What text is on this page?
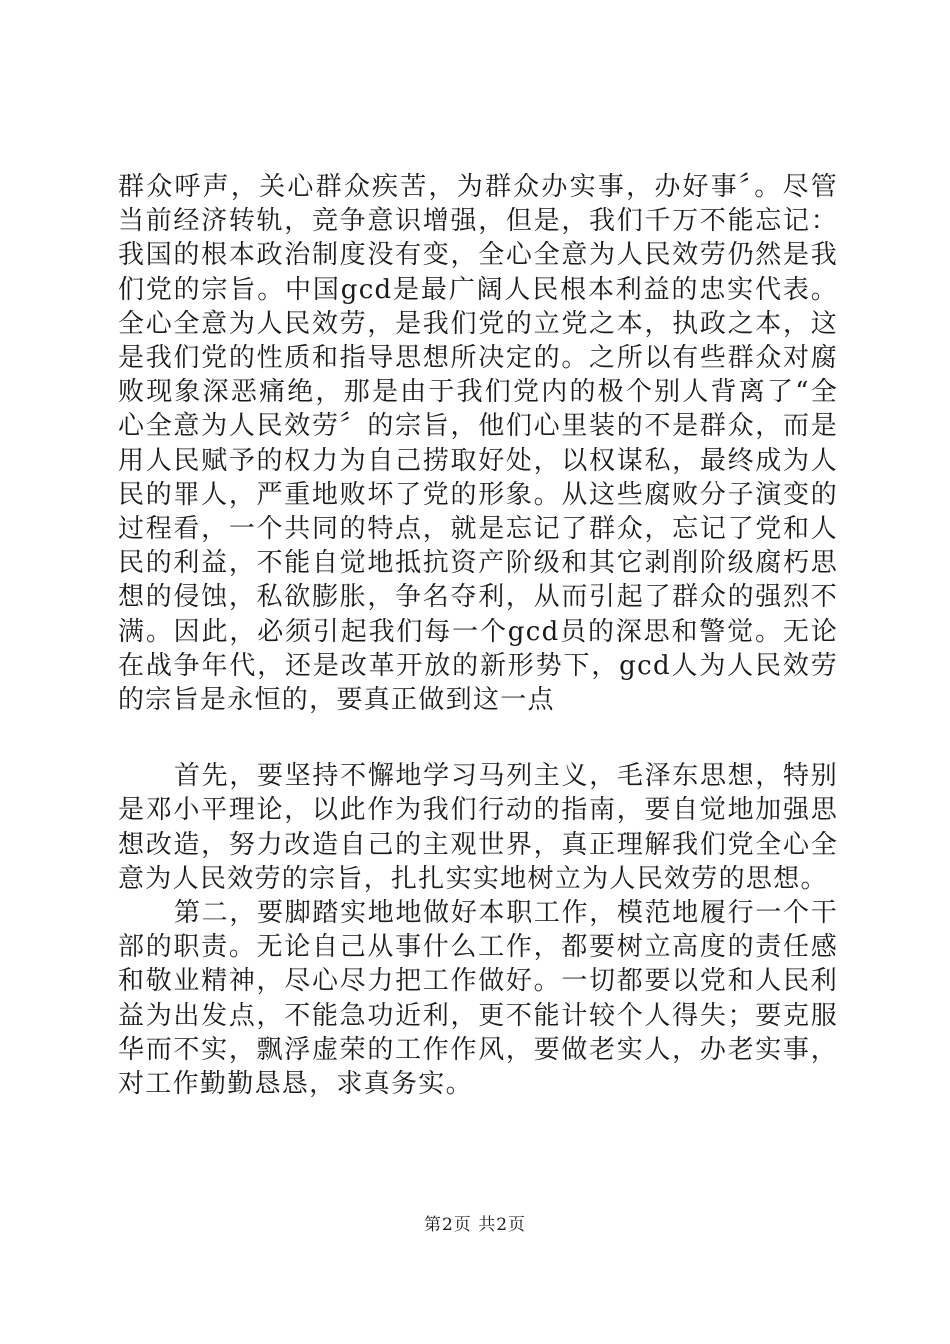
群众呼声，关心群众疾苦，为群众办实事，办好事〞。尽管当前经济转轨，竞争意识增强，但是，我们千万不能忘记：我国的根本政治制度没有变，全心全意为人民效劳仍然是我们党的宗旨。中国gcd是最广阔人民根本利益的忠实代表。全心全意为人民效劳，是我们党的立党之本，执政之本，这是我们党的性质和指导思想所决定的。之所以有些群众对腐败现象深恶痛绝，那是由于我们党内的极个别人背离了“全心全意为人民效劳〞的宗旨，他们心里装的不是群众，而是用人民赋予的权力为自己捞取好处，以权谋私，最终成为人民的罪人，严重地败坏了党的形象。从这些腐败分子演变的过程看，一个共同的特点，就是忘记了群众，忘记了党和人民的利益，不能自觉地抵抗资产阶级和其它剥削阶级腐朽思想的侵蚀，私欲膨胀，争名夺利，从而引起了群众的强烈不满。因此，必须引起我们每一个gcd员的深思和警觉。无论在战争年代，还是改革开放的新形势下，gcd人为人民效劳的宗旨是永恒的，要真正做到这一点

首先，要坚持不懈地学习马列主义，毛泽东思想，特别是邓小平理论，以此作为我们行动的指南，要自觉地加强思想改造，努力改造自己的主观世界，真正理解我们党全心全意为人民效劳的宗旨，扎扎实实地树立为人民效劳的思想。

第二，要脚踏实地地做好本职工作，模范地履行一个干部的职责。无论自己从事什么工作，都要树立高度的责任感和敬业精神，尽心尽力把工作做好。一切都要以党和人民利益为出发点，不能急功近利，更不能计较个人得失；要克服华而不实，飘浮虚荣的工作作风，要做老实人，办老实事，对工作勤勤恳恳，求真务实。

第2页 共2页
